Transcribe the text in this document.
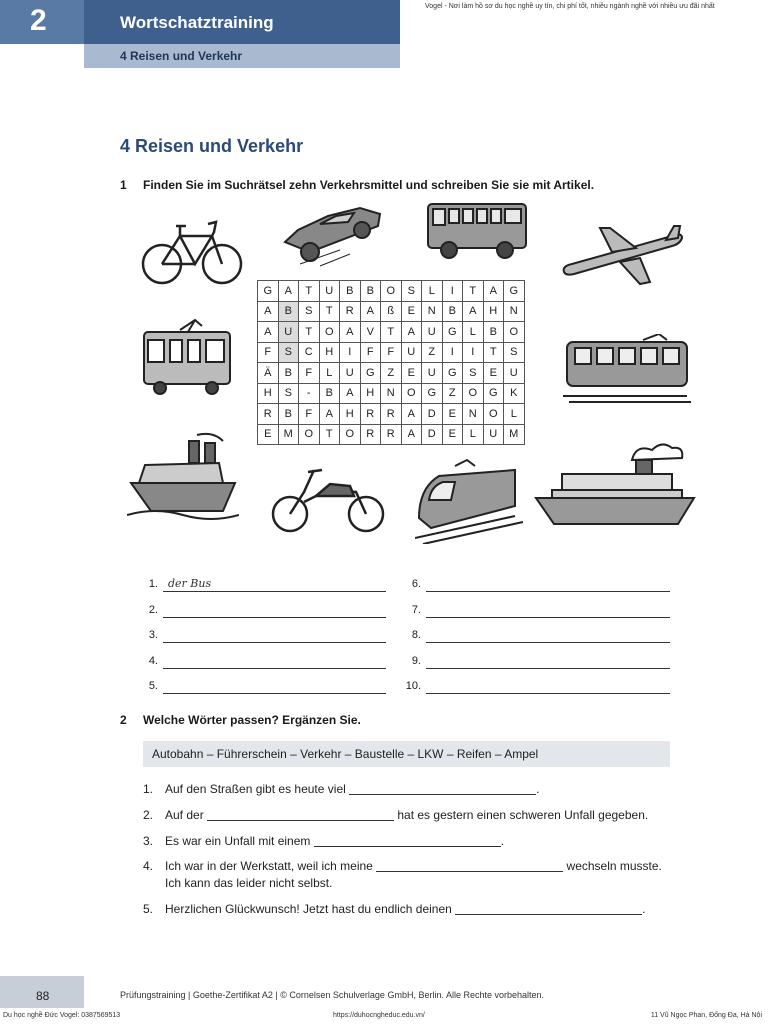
2	Wortschatztraining
4 Reisen und Verkehr
Vogel - Nơi làm hồ sơ du học nghề uy tín, chi phí tốt, nhiều ngành nghề với nhiều ưu đãi nhất
4 Reisen und Verkehr
1 Finden Sie im Suchrätsel zehn Verkehrsmittel und schreiben Sie sie mit Artikel.
G	A	T	U	B	B	O	S	L	I	T	A	G
A	B	S	T	R	A	ß	E	N	B	A	H	N
A	U	T	O	A	V	T	A	U	G	L	B	O
F	S	C	H	I	F	F	U	Z	I	I	T	S
Ä	B	F	L	U	G	Z	E	U	G	S	E	U
H	S	-	B	A	H	N	O	G	Z	O	G	K
R	B	F	A	H	R	R	A	D	E	N	O	L
E	M	O	T	O	R	R	A	D	E	L	U	M
1. der Bus
2.
3.
4.
5.
6.
7.
8.
9.
10.
2 Welche Wörter passen? Ergänzen Sie.
Autobahn – Führerschein – Verkehr – Baustelle – LKW – Reifen – Ampel
1. Auf den Straßen gibt es heute viel	.
2. Auf der	hat es gestern einen schweren Unfall gegeben.
3. Es war ein Unfall mit einem	.
4. Ich war in der Werkstatt, weil ich meine	wechseln musste.
Ich kann das leider nicht selbst.
5. Herzlichen Glückwunsch! Jetzt hast du endlich deinen	.
88	Prüfungstraining | Goethe-Zertifikat A2 | © Cornelsen Schulverlage GmbH, Berlin. Alle Rechte vorbehalten.
Du học nghề Đức Vogel: 0387569513	https://duhocngheduc.edu.vn/	11 Vũ Ngọc Phan, Đống Đa, Hà Nội
